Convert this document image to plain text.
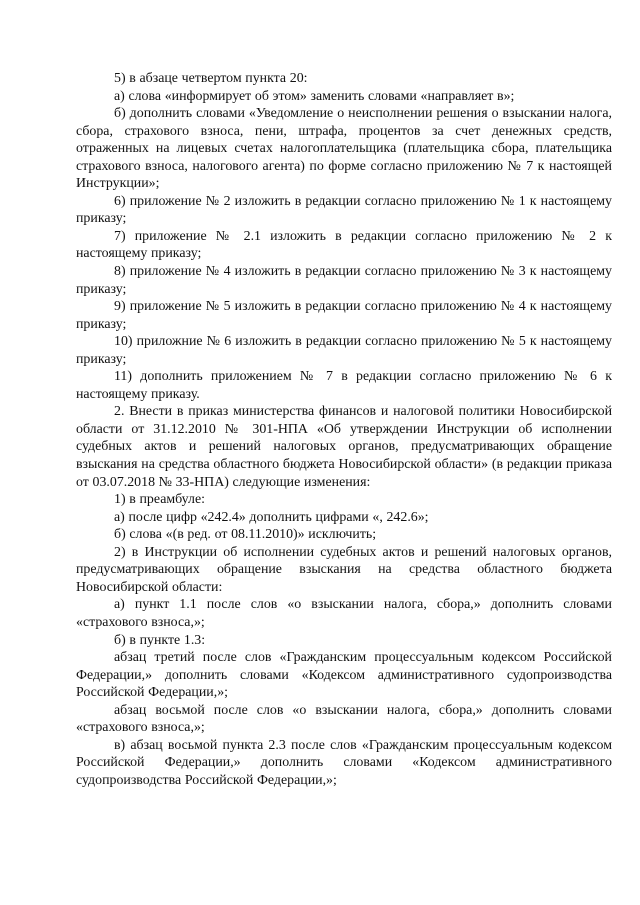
5) в абзаце четвертом пункта 20:

а) слова «информирует об этом» заменить словами «направляет в»;

б) дополнить словами «Уведомление о неисполнении решения о взыскании налога, сбора, страхового взноса, пени, штрафа, процентов за счет денежных средств, отраженных на лицевых счетах налогоплательщика (плательщика сбора, плательщика страхового взноса, налогового агента) по форме согласно приложению № 7 к настоящей Инструкции»;

6) приложение № 2 изложить в редакции согласно приложению № 1 к настоящему приказу;

7) приложение № 2.1 изложить в редакции согласно приложению № 2 к настоящему приказу;

8) приложение № 4 изложить в редакции согласно приложению № 3 к настоящему приказу;

9) приложение № 5 изложить в редакции согласно приложению № 4 к настоящему приказу;

10) приложние № 6 изложить в редакции согласно приложению № 5 к настоящему приказу;

11) дополнить приложением № 7 в редакции согласно приложению № 6 к настоящему приказу.

2. Внести в приказ министерства финансов и налоговой политики Новосибирской области от 31.12.2010 № 301-НПА «Об утверждении Инструкции об исполнении судебных актов и решений налоговых органов, предусматривающих обращение взыскания на средства областного бюджета Новосибирской области» (в редакции приказа от 03.07.2018 № 33-НПА) следующие изменения:

1) в преамбуле:

а) после цифр «242.4» дополнить цифрами «, 242.6»;

б) слова «(в ред. от 08.11.2010)» исключить;

2) в Инструкции об исполнении судебных актов и решений налоговых органов, предусматривающих обращение взыскания на средства областного бюджета Новосибирской области:

а) пункт 1.1 после слов «о взыскании налога, сбора,» дополнить словами «страхового взноса,»;

б) в пункте 1.3:

абзац третий после слов «Гражданским процессуальным кодексом Российской Федерации,» дополнить словами «Кодексом административного судопроизводства Российской Федерации,»;

абзац восьмой после слов «о взыскании налога, сбора,» дополнить словами «страхового взноса,»;

в) абзац восьмой пункта 2.3 после слов «Гражданским процессуальным кодексом Российской Федерации,» дополнить словами «Кодексом административного судопроизводства Российской Федерации,»;
